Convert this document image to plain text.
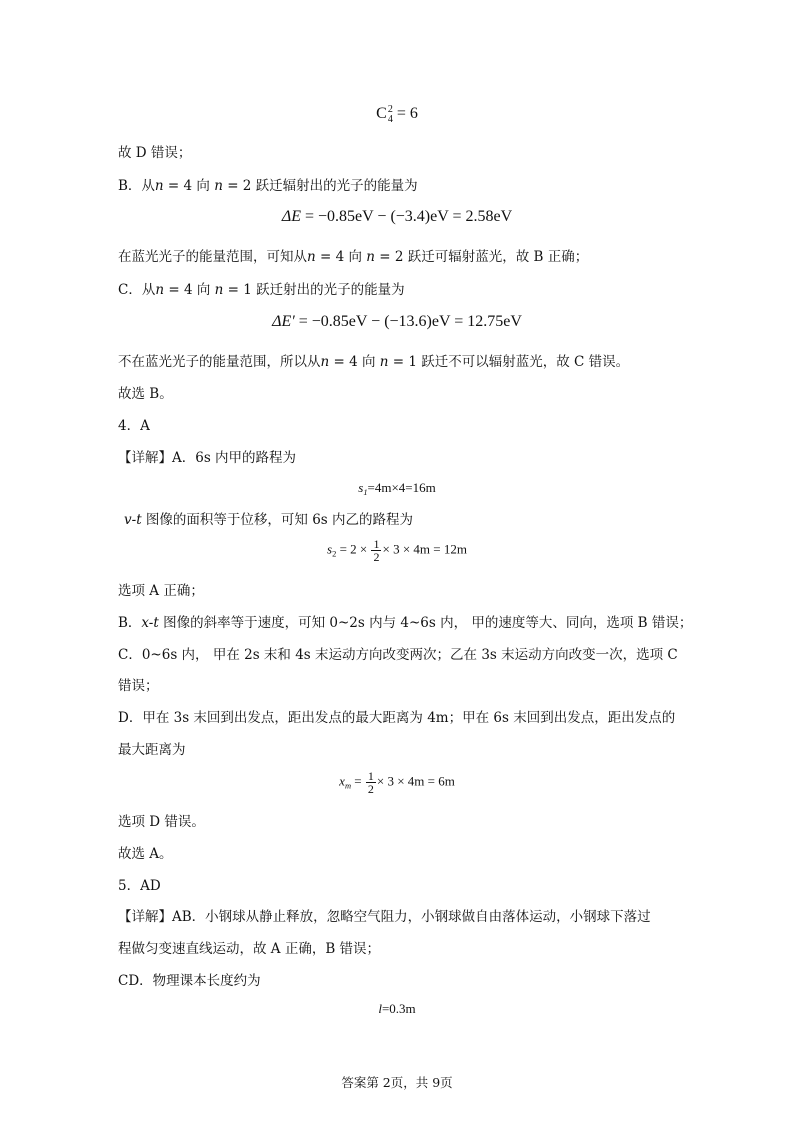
C 2
4 = 6
故 D 错误；
B．从n = 4 向 n = 2 跃迁辐射出的光子的能量为
ΔE = −0.85eV − (−3.4)eV = 2.58eV
在蓝光光子的能量范围，可知从n = 4 向 n = 2 跃迁可辐射蓝光，故 B 正确；
C．从n = 4 向 n = 1 跃迁射出的光子的能量为
ΔE′ = −0.85eV − (−13.6)eV = 12.75eV
不在蓝光光子的能量范围，所以从n = 4 向 n = 1 跃迁不可以辐射蓝光，故 C 错误。
故选 B。
4．A
【详解】A．6s 内甲的路程为
$s_1=4m\times 4=16m$
v-t 图像的面积等于位移，可知 6s 内乙的路程为
$s_2 = 2 \times \frac{1}{2} \times 3 \times 4m = 12m$
选项 A 正确；
B．x-t 图像的斜率等于速度，可知 0~2s 内与 4~6s 内， 甲的速度等大、同向，选项 B 错误；
C．0~6s 内， 甲在 2s 末和 4s 末运动方向改变两次；乙在 3s 末运动方向改变一次，选项 C
错误；
D．甲在 3s 末回到出发点，距出发点的最大距离为 4m；甲在 6s 末回到出发点，距出发点的
最大距离为
$x_m = \frac{1}{2} \times 3 \times 4m = 6m$
选项 D 错误。
故选 A。
5．AD
【详解】AB．小钢球从静止释放，忽略空气阻力，小钢球做自由落体运动，小钢球下落过
程做匀变速直线运动，故 A 正确，B 错误；
CD．物理课本长度约为
l=0.3m
答案第 2页，共 9页
